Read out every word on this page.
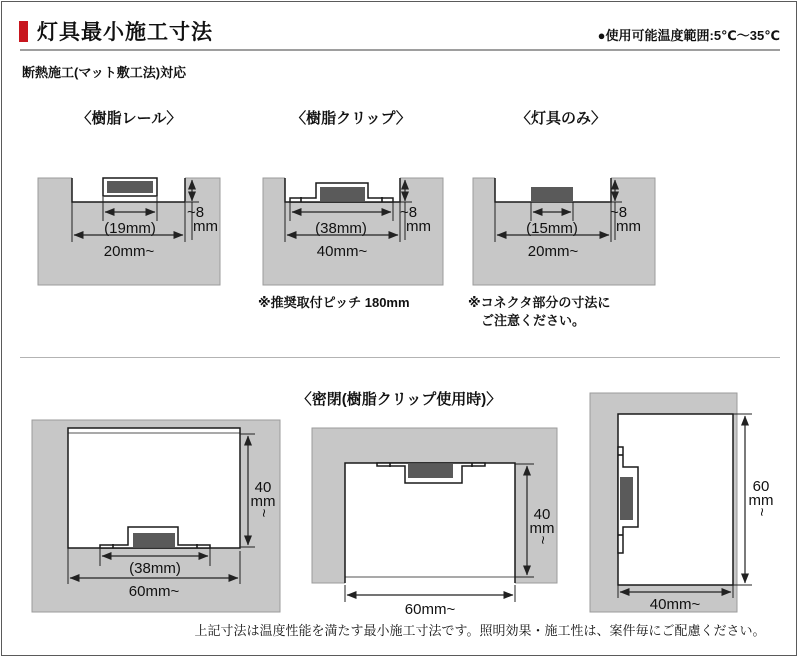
灯具最小施工寸法	●使用可能温度範囲:5℃〜35℃
断熱施工(マット敷工法)対応
〈樹脂レール〉	〈樹脂クリップ〉	〈灯具のみ〉
~8
mm
(19mm)
20mm~
~8
mm
(38mm)
40mm~
~8
mm
(15mm)
20mm~
※推奨取付ピッチ 180mm	※コネクタ部分の寸法に
ご注意ください。
〈密閉(樹脂クリップ使用時)〉
40
mm
~
(38mm)
60mm~
40
mm
~
60mm~
60
mm
~
40mm~
上記寸法は温度性能を満たす最小施工寸法です。照明効果・施工性は、案件毎にご配慮ください。
